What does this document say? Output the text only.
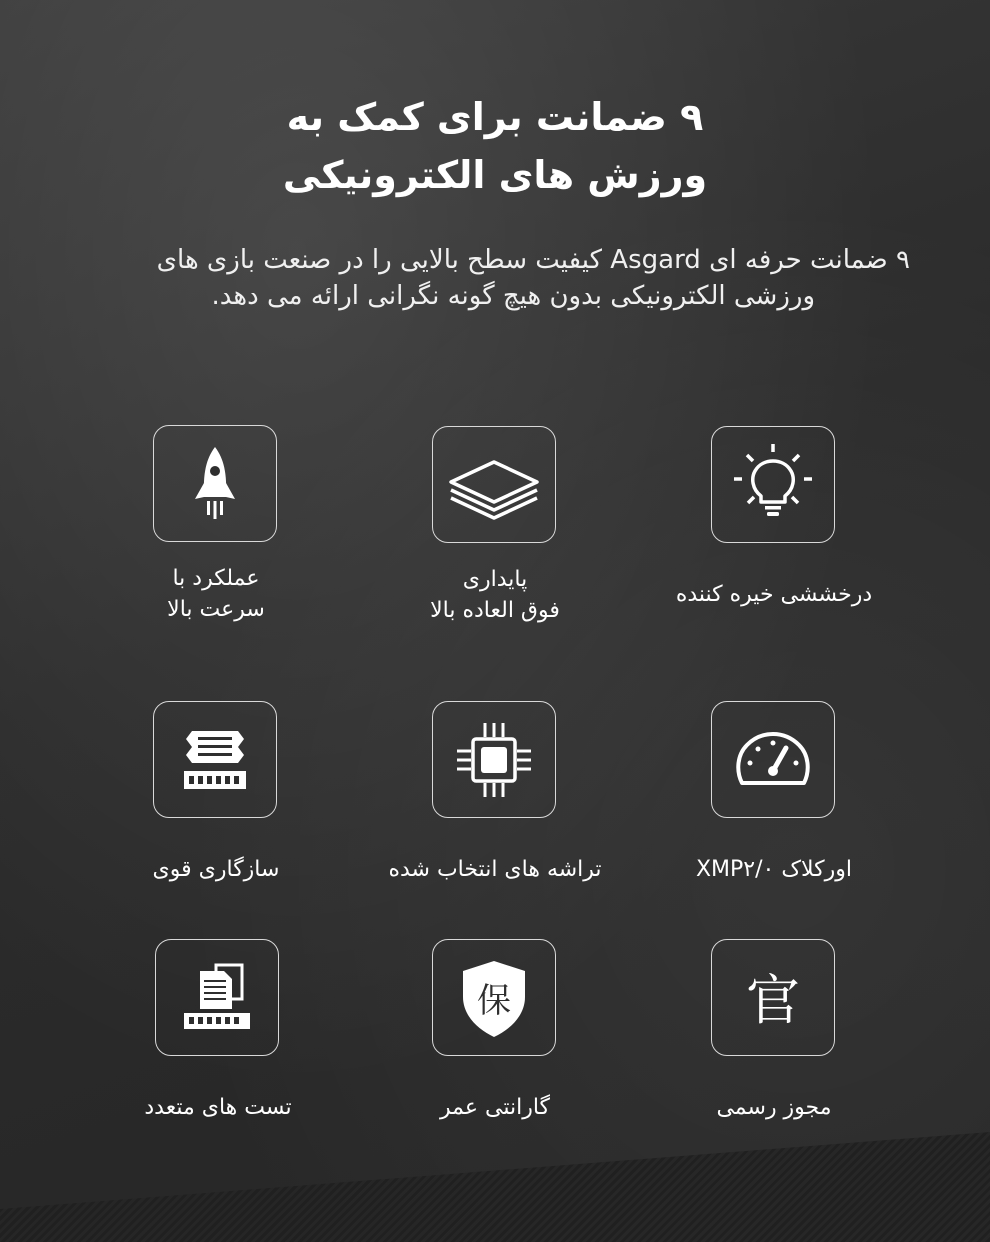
۹ ضمانت برای کمک به
ورزش های الکترونیکی
۹ ضمانت حرفه ای Asgard کیفیت سطح بالایی را در صنعت بازی های
ورزشی الکترونیکی بدون هیچ گونه نگرانی ارائه می دهد.
عملکرد با
سرعت بالا
پایداری
فوق العاده بالا
درخششی خیره کننده
سازگاری قوی	تراشه های انتخاب شده	اورکلاک XMP۲/۰
تست های متعدد
保
گارانتی عمر
官
مجوز رسمی
